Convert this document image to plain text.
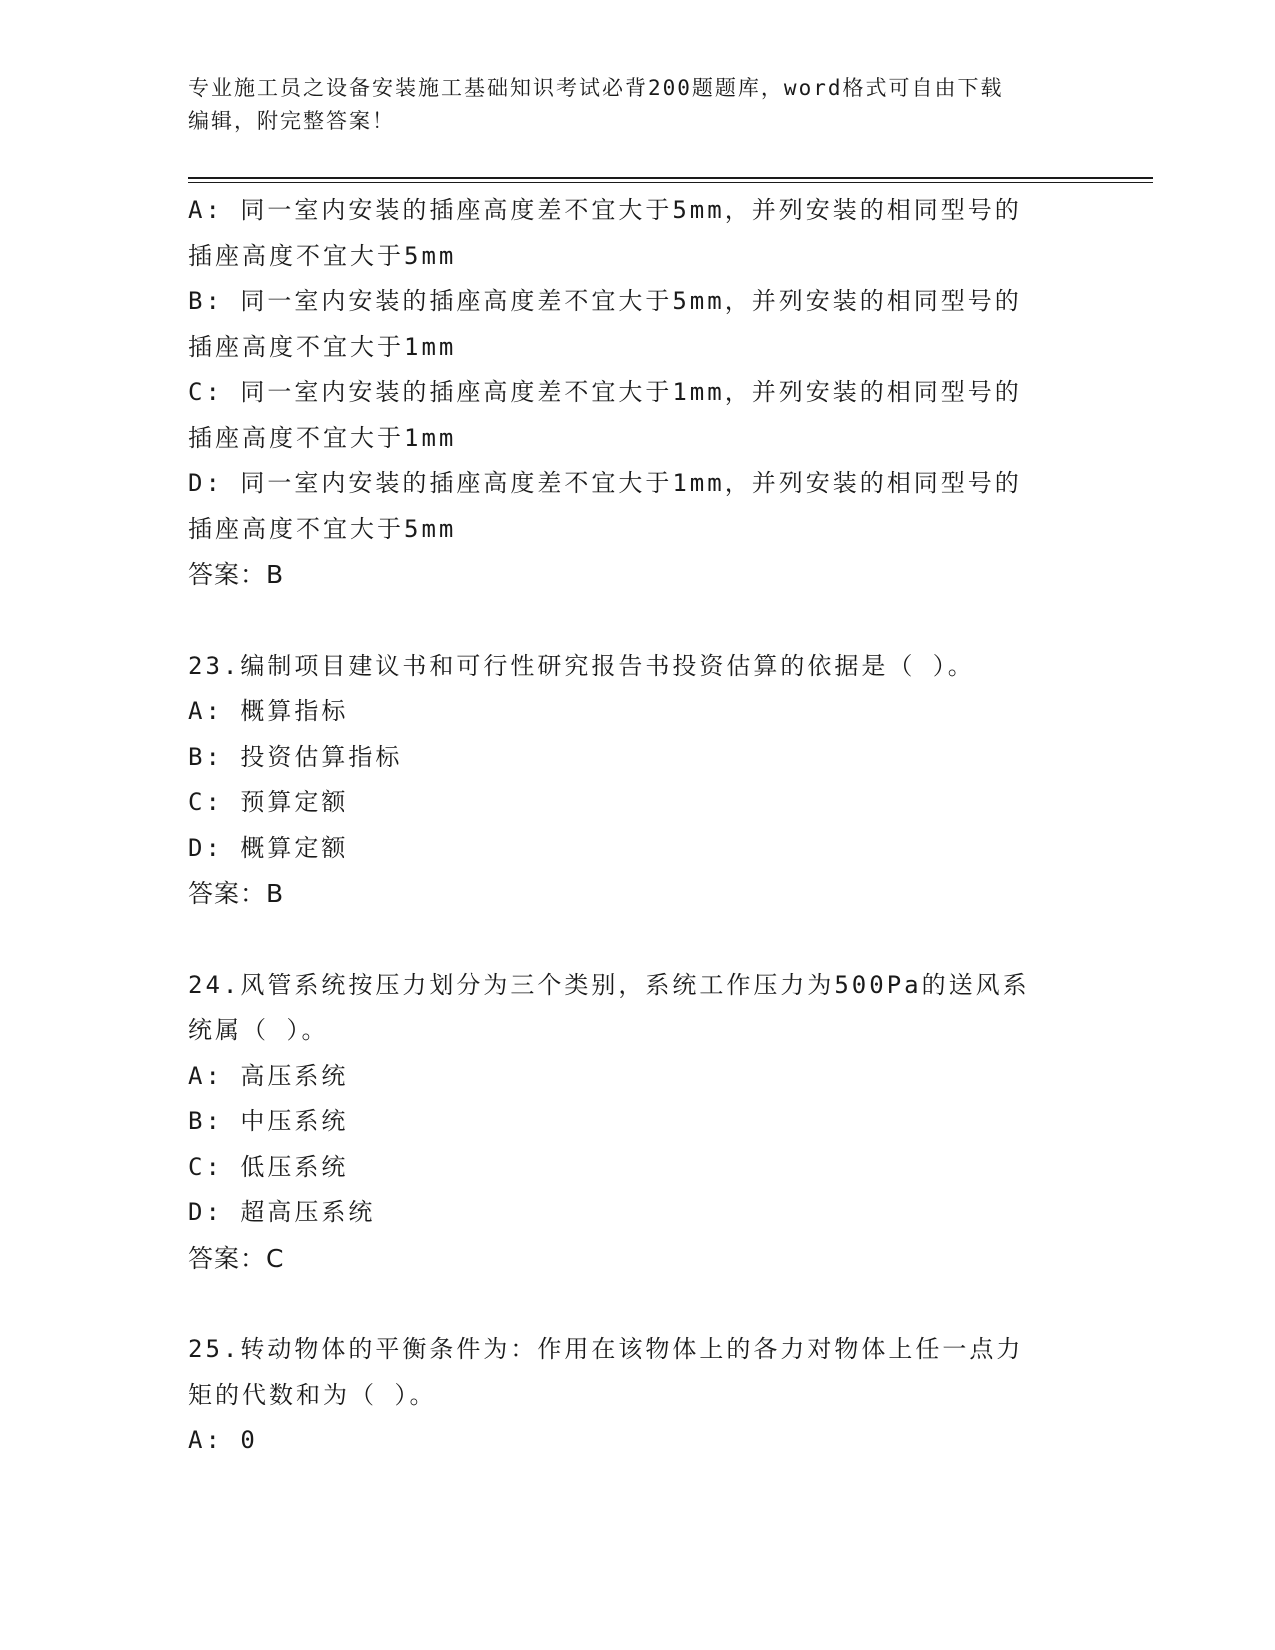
专业施工员之设备安装施工基础知识考试必背200题题库，word格式可自由下载

编辑，附完整答案！

A: 同一室内安装的插座高度差不宜大于5mm，并列安装的相同型号的

插座高度不宜大于5mm

B: 同一室内安装的插座高度差不宜大于5mm，并列安装的相同型号的

插座高度不宜大于1mm

C: 同一室内安装的插座高度差不宜大于1mm，并列安装的相同型号的

插座高度不宜大于1mm

D: 同一室内安装的插座高度差不宜大于1mm，并列安装的相同型号的

插座高度不宜大于5mm

答案：B

23.编制项目建议书和可行性研究报告书投资估算的依据是（ ）。

A: 概算指标

B: 投资估算指标

C: 预算定额

D: 概算定额

答案：B

24.风管系统按压力划分为三个类别，系统工作压力为500Pa的送风系

统属（ ）。

A: 高压系统

B: 中压系统

C: 低压系统

D: 超高压系统

答案：C

25.转动物体的平衡条件为：作用在该物体上的各力对物体上任一点力

矩的代数和为（ ）。

A: 0
